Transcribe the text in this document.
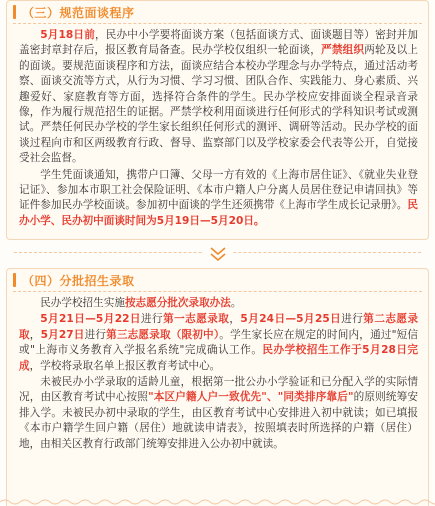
（三）规范面谈程序

5月18日前，民办中小学要将面谈方案（包括面谈方式、面谈题目等）密封并加盖密封章封存后，报区教育局备查。民办学校仅组织一轮面谈，严禁组织两轮及以上的面谈。要规范面谈程序和方法，面谈应结合本校办学理念与办学特点，通过活动考察、面谈交流等方式，从行为习惯、学习习惯、团队合作、实践能力、身心素质、兴趣爱好、家庭教育等方面，选择符合条件的学生。民办学校应安排面谈全程录音录像，作为履行规范招生的证据。严禁学校利用面谈进行任何形式的学科知识考试或测试。严禁任何民办学校的学生家长组织任何形式的测评、调研等活动。民办学校的面谈过程向市和区两级教育行政、督导、监察部门以及学校家委会代表等公开，自觉接受社会监督。

学生凭面谈通知，携带户口簿、父母一方有效的《上海市居住证》、《就业失业登记证》、参加本市职工社会保险证明、《本市户籍人户分离人员居住登记申请回执》等证件参加民办学校面谈。参加初中面谈的学生还须携带《上海市学生成长记录册》。民办小学、民办初中面谈时间为5月19日—5月20日。

（四）分批招生录取

民办学校招生实施按志愿分批次录取办法。

5月21日—5月22日进行第一志愿录取，5月24日—5月25日进行第二志愿录取，5月27日进行第三志愿录取（限初中）。学生家长应在规定的时间内，通过"短信或"上海市义务教育入学报名系统"完成确认工作。民办学校招生工作于5月28日完成，学校将录取名单上报区教育考试中心。

未被民办小学录取的适龄儿童，根据第一批公办小学验证和已分配入学的实际情况，由区教育考试中心按照"本区户籍人户一致优先"、"同类排序靠后"的原则统筹安排入学。未被民办初中录取的学生，由区教育考试中心安排进入初中就读；如已填报《本市户籍学生回户籍（居住）地就读申请表》，按照填表时所选择的户籍（居住）地，由相关区教育行政部门统筹安排进入公办初中就读。
